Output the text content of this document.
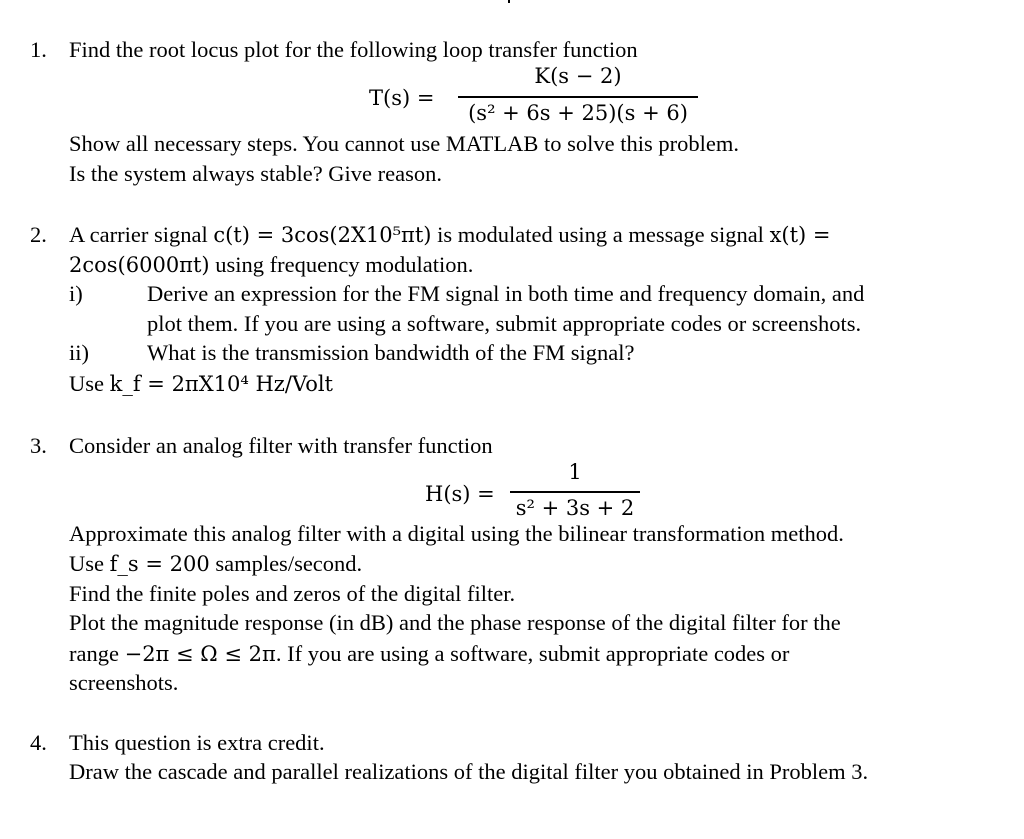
1. Find the root locus plot for the following loop transfer function
T(s) =
K(s − 2)
(s² + 6s + 25)(s + 6)
Show all necessary steps. You cannot use MATLAB to solve this problem.
Is the system always stable? Give reason.
2. A carrier signal c(t) = 3cos(2X10⁵πt) is modulated using a message signal x(t) =
2cos(6000πt) using frequency modulation.
i)	Derive an expression for the FM signal in both time and frequency domain, and
plot them. If you are using a software, submit appropriate codes or screenshots.
ii)	What is the transmission bandwidth of the FM signal?
Use k_f = 2πX10⁴ Hz/Volt
3. Consider an analog filter with transfer function
H(s) =
1
s² + 3s + 2
Approximate this analog filter with a digital using the bilinear transformation method.
Use f_s = 200 samples/second.
Find the finite poles and zeros of the digital filter.
Plot the magnitude response (in dB) and the phase response of the digital filter for the
range −2π ≤ Ω ≤ 2π. If you are using a software, submit appropriate codes or
screenshots.
4. This question is extra credit.
Draw the cascade and parallel realizations of the digital filter you obtained in Problem 3.
